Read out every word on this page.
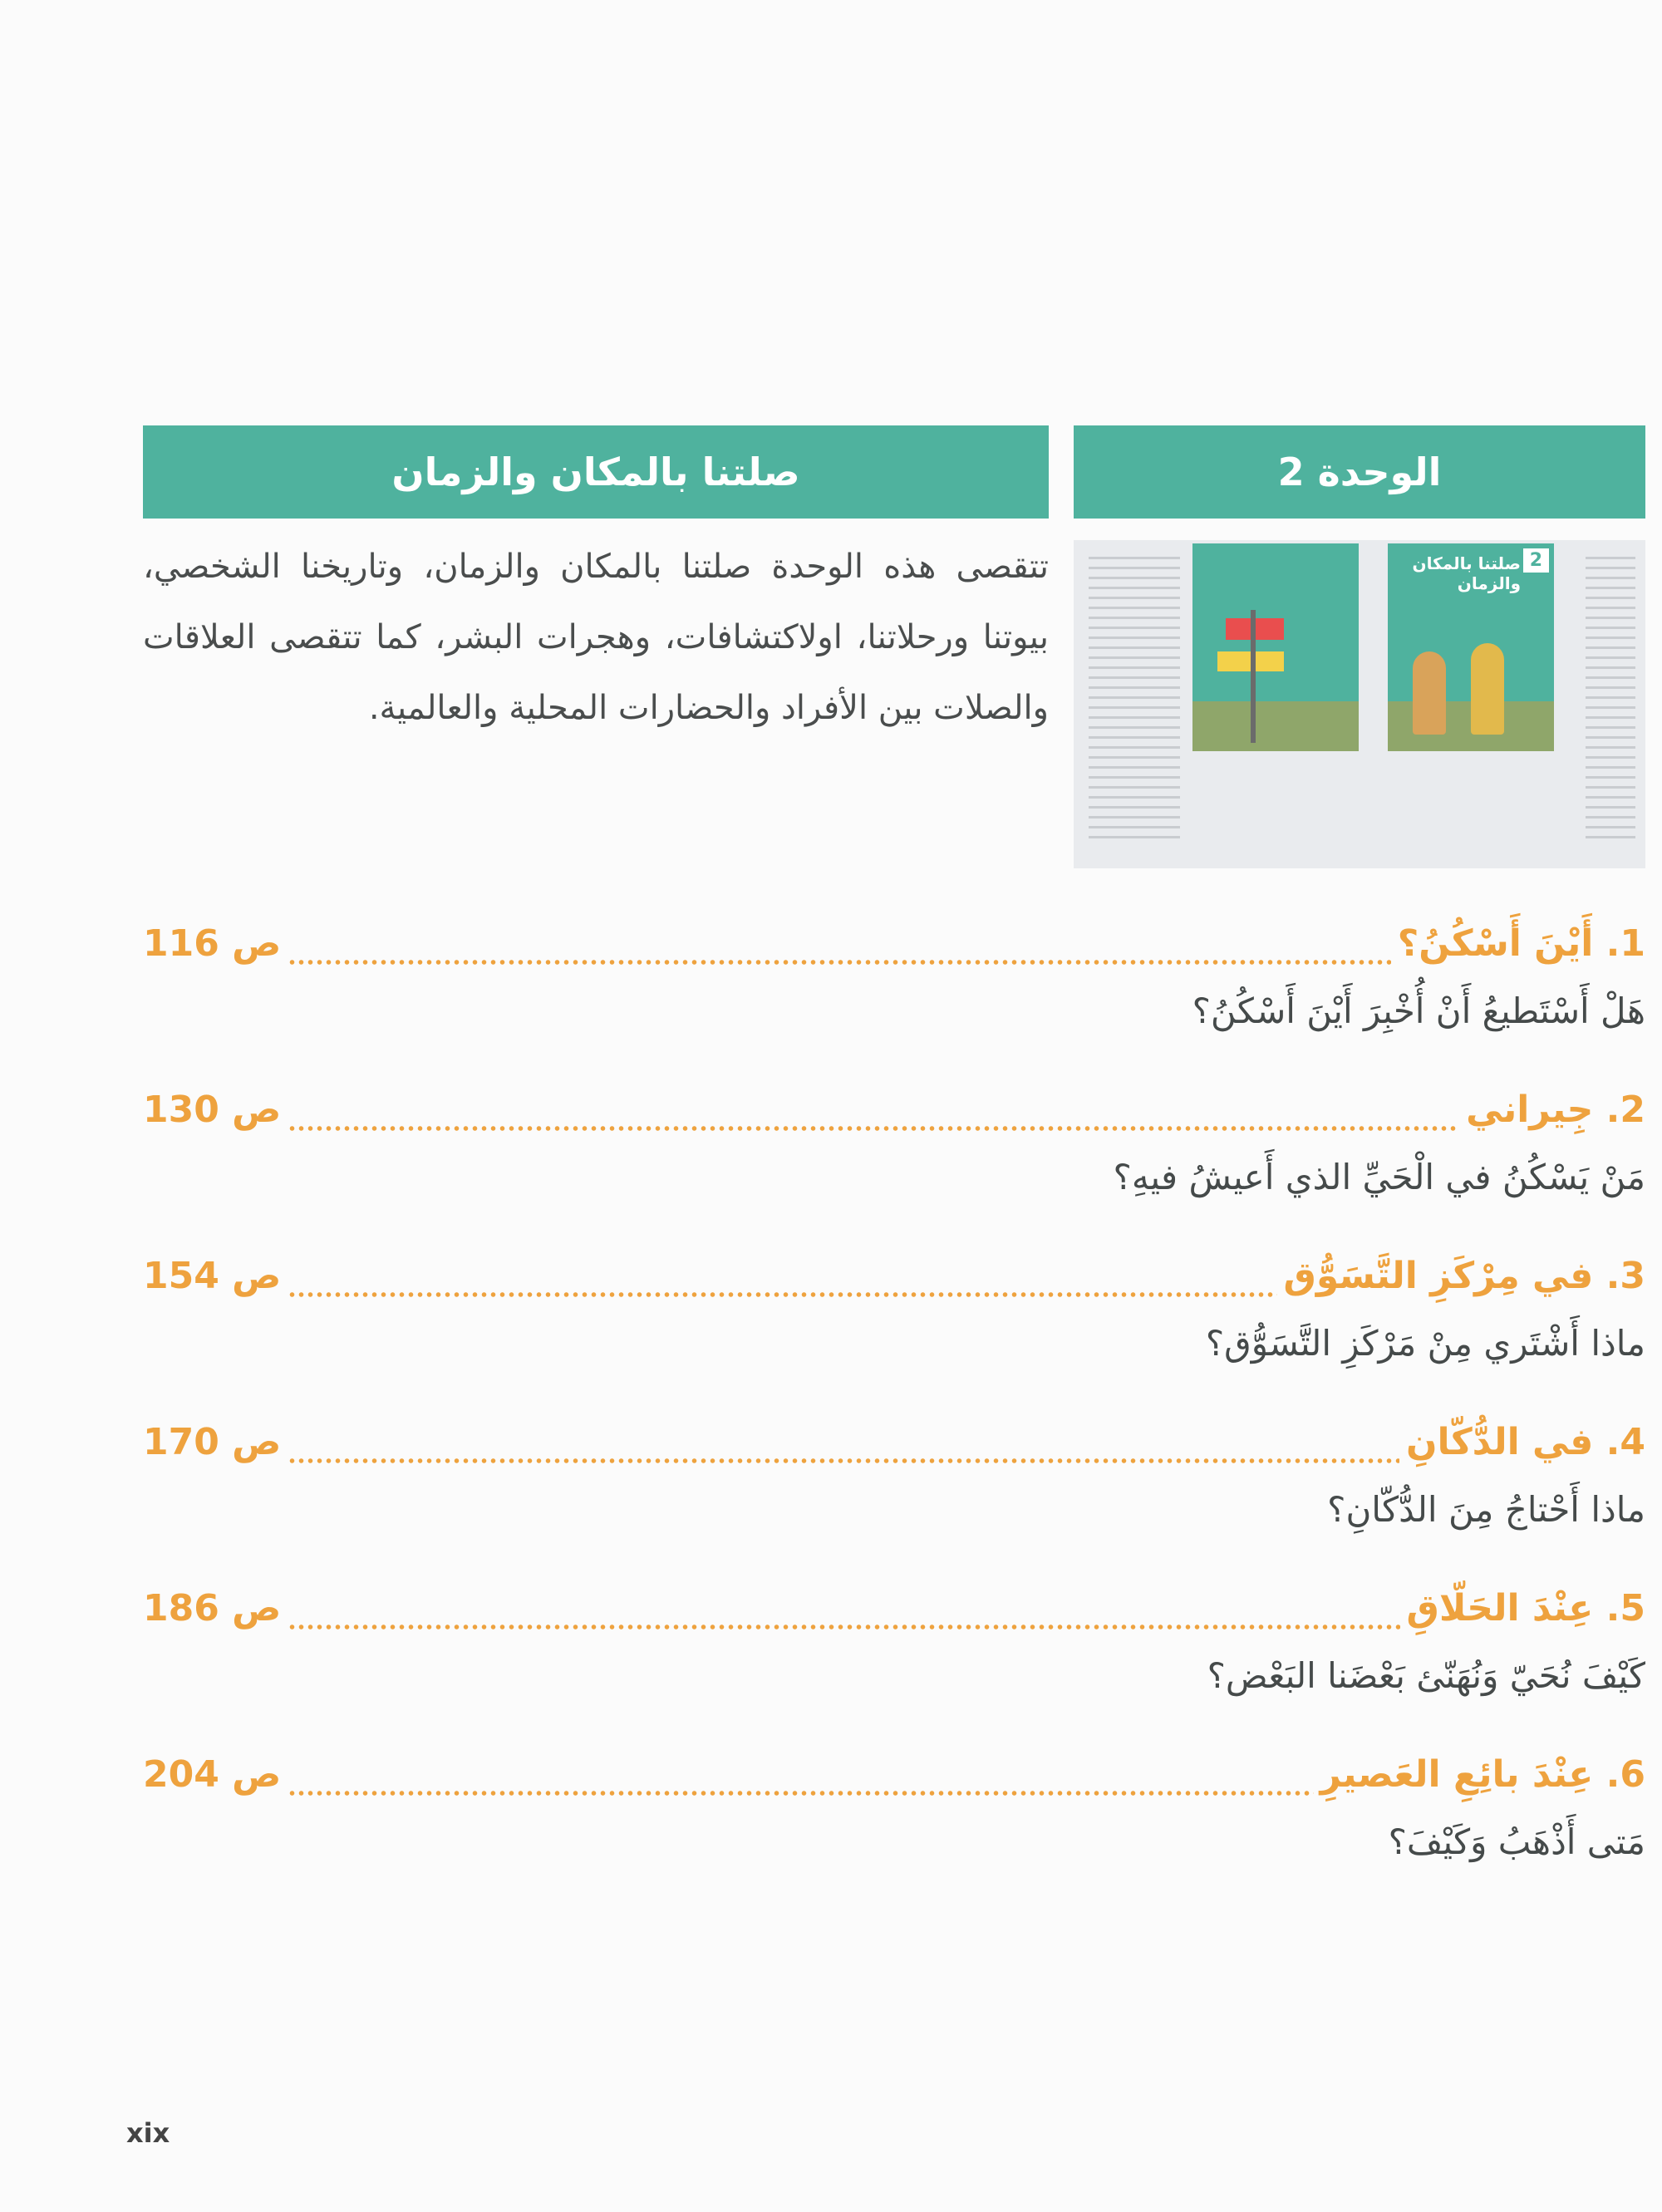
الوحدة 2
صلتنا بالمكان والزمان
تتقصى هذه الوحدة صلتنا بالمكان والزمان، وتاريخنا الشخصي، بيوتنا ورحلاتنا، اولاكتشافات، وهجرات البشر، كما تتقصى العلاقات والصلات بين الأفراد والحضارات المحلية والعالمية.
2
صلتنا بالمكان والزمان
1. أَيْنَ أَسْكُنُ؟
ص 116
هَلْ أَسْتَطيعُ أَنْ أُخْبِرَ أَيْنَ أَسْكُنُ؟
2. جِيراني
ص 130
مَنْ يَسْكُنُ في الْحَيِّ الذي أَعيشُ فيهِ؟
3. في مِرْكَزِ التَّسَوُّق
ص 154
ماذا أَشْتَري مِنْ مَرْكَزِ التَّسَوُّق؟
4. في الدُّكّانِ
ص 170
ماذا أَحْتاجُ مِنَ الدُّكّانِ؟
5. عِنْدَ الحَلّاقِ
ص 186
كَيْفَ نُحَيّ وَنُهَنّئ بَعْضَنا البَعْض؟
6. عِنْدَ بائِعِ العَصيرِ
ص 204
مَتى أَذْهَبُ وَكَيْفَ؟
xix
